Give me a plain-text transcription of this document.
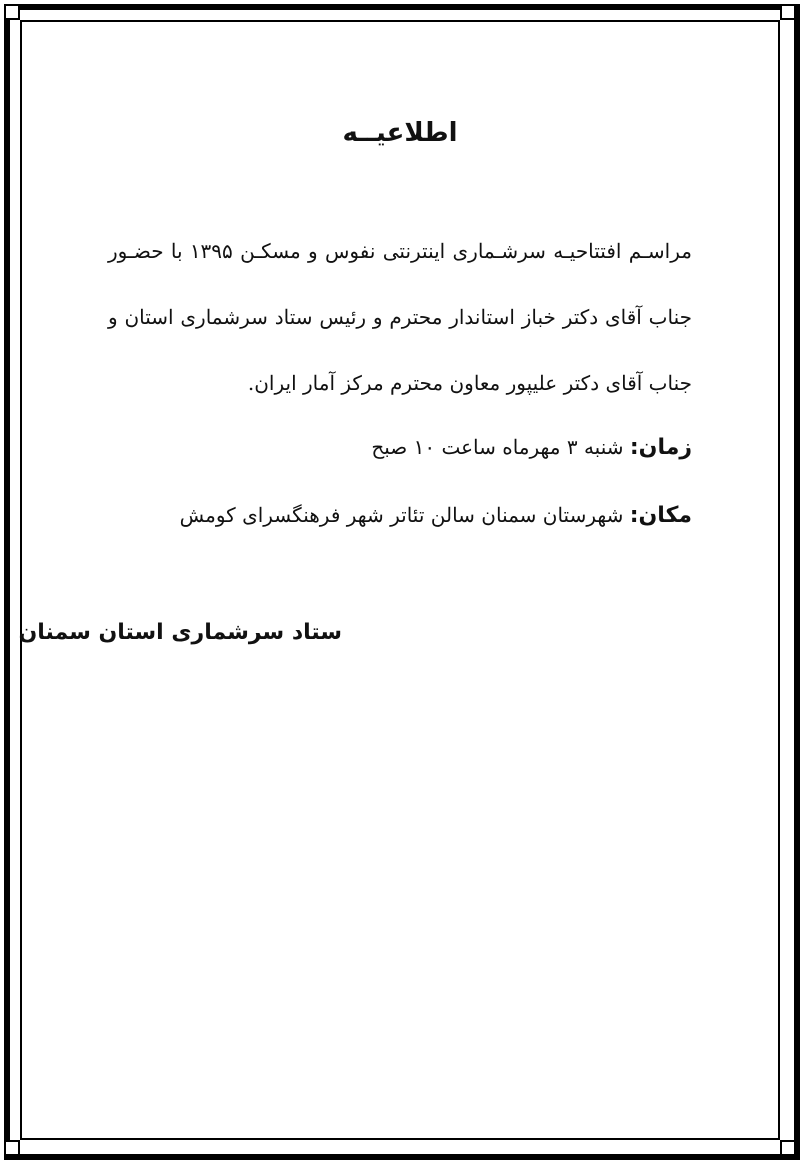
اطلاعیــه
مراسـم افتتاحیـه سرشـماری اینترنتی نفوس و مسکـن ۱۳۹۵ با حضـور
جناب آقای دکتر خباز استاندار محترم و رئیس ستاد سرشماری استان و
جناب آقای دکتر علیپور معاون محترم مرکز آمار ایران.
زمان: شنبه ۳ مهرماه ساعت ۱۰ صبح
مکان: شهرستان سمنان سالن تئاتر شهر فرهنگسرای کومش
ستاد سرشماری استان سمنان
